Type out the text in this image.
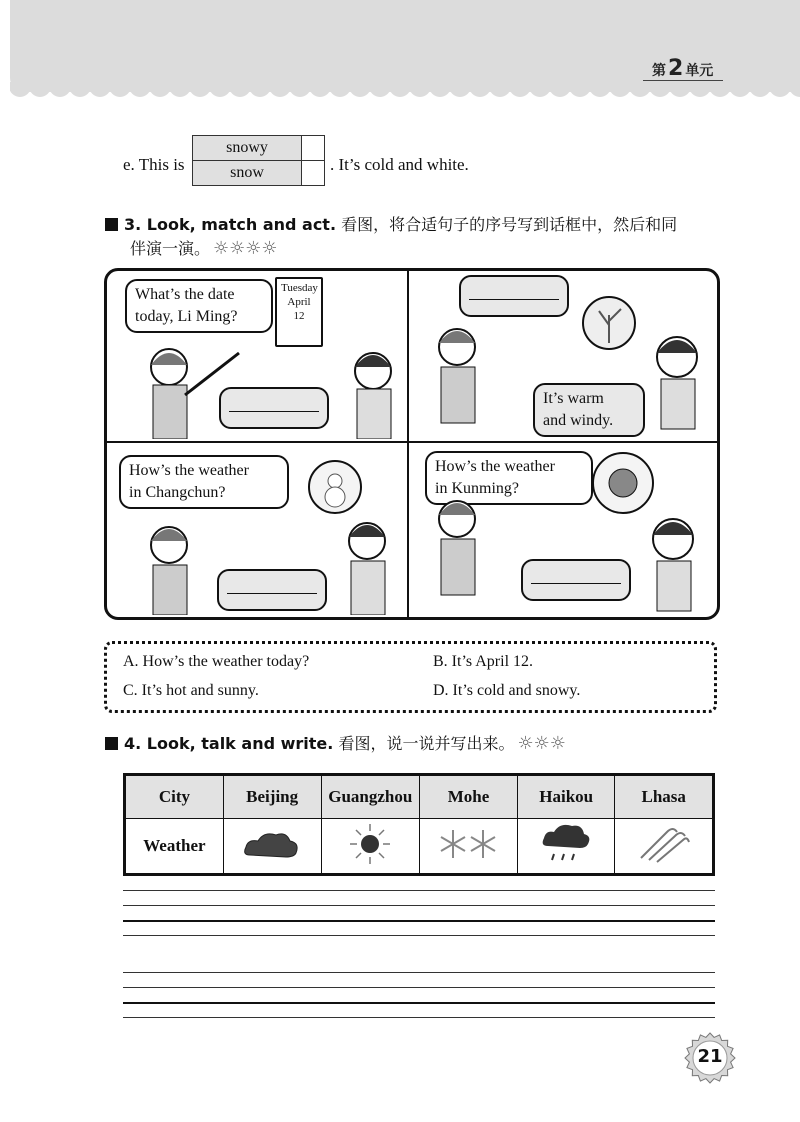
第2 单元
e. This is
snowy	
snow		. It’s cold and white.
3. Look, match and act. 看图，将合适句子的序号写到话框中，然后和同
伴演一演。 ☼☼☼☼
What’s the date
today, Li Ming?
Tuesday
April
12
It’s warm
and windy.
How’s the weather
in Changchun?
How’s the weather
in Kunming?
A. How’s the weather today?	B. It’s April 12.
C. It’s hot and sunny.	D. It’s cold and snowy.
4. Look, talk and write. 看图，说一说并写出来。 ☼☼☼
City	Beijing	Guangzhou	Mohe	Haikou	Lhasa
Weather					
21
